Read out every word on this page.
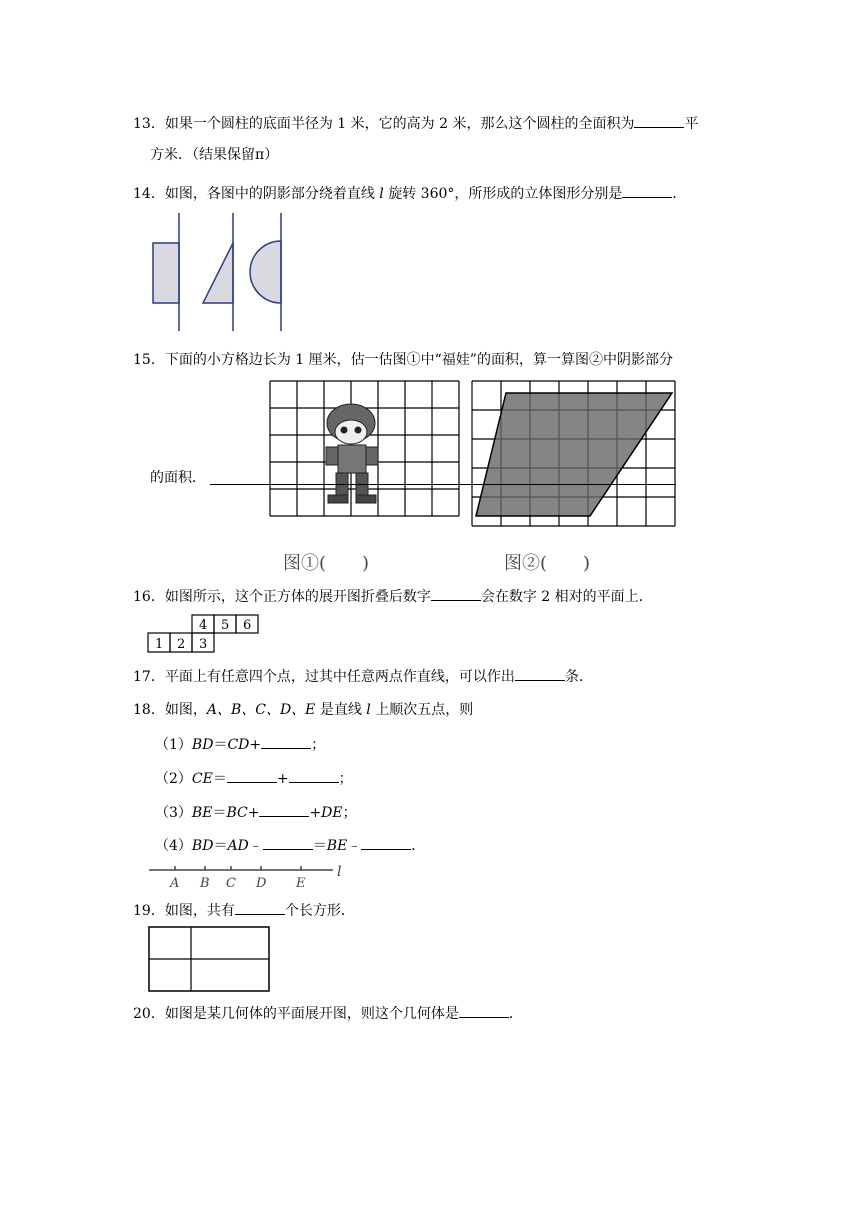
13．如果一个圆柱的底面半径为 1 米，它的高为 2 米，那么这个圆柱的全面积为	平
方米．（结果保留π）
14．如图，各图中的阴影部分绕着直线 l 旋转 360°，所形成的立体图形分别是	．
15．下面的小方格边长为 1 厘米，估一估图①中“福娃”的面积，算一算图②中阴影部分
的面积．
图①(　　)	图②(　　)
16．如图所示，这个正方体的展开图折叠后数字	会在数字 2 相对的平面上．
4 5 6
1 2 3
17．平面上有任意四个点，过其中任意两点作直线，可以作出	条．
18．如图，A、B、C、D、E 是直线 l 上顺次五点，则
（1）BD＝CD+	；
（2）CE＝	+	；
（3）BE＝BC+	+DE；
（4）BD＝AD﹣	＝BE﹣	．
A B C D E
l
19．如图，共有	个长方形．
20．如图是某几何体的平面展开图，则这个几何体是	．
